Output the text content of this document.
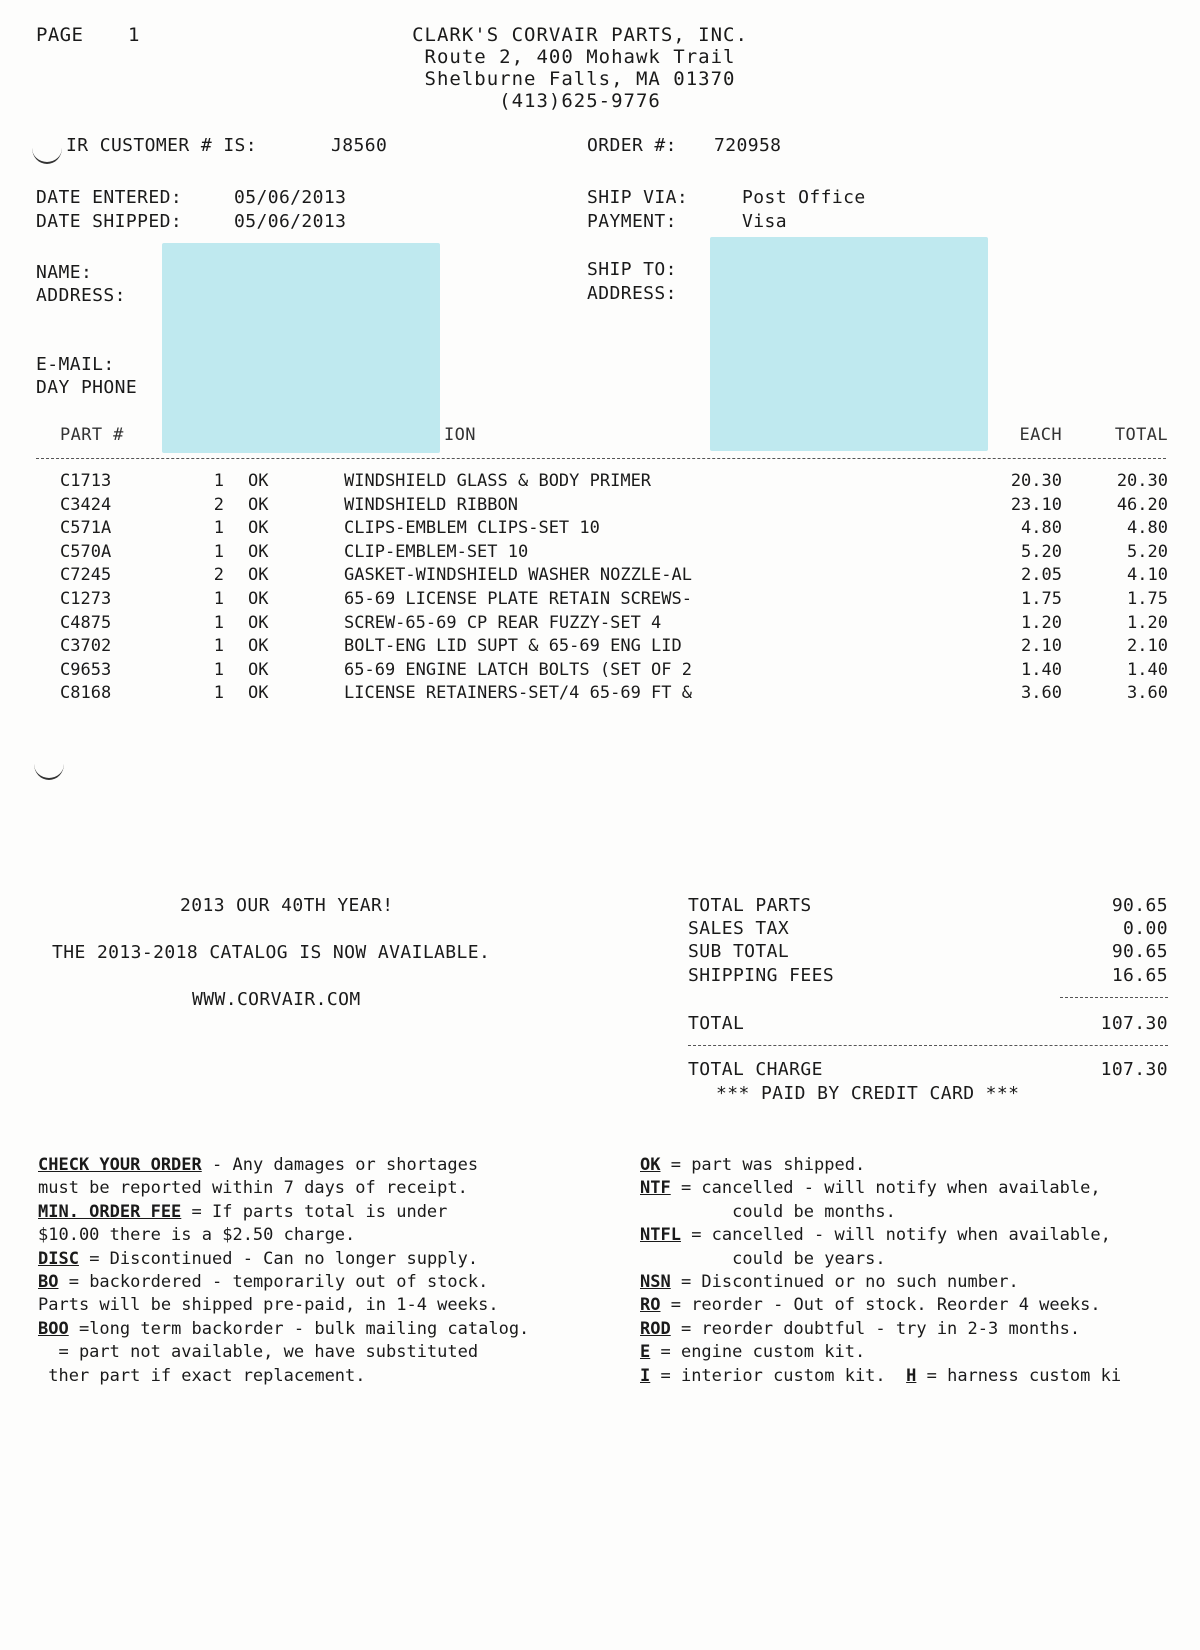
PAGE 1	CLARK'S CORVAIR PARTS, INC.
Route 2, 400 Mohawk Trail
Shelburne Falls, MA 01370
(413)625-9776
IR CUSTOMER # IS:	J8560	ORDER #: 720958
DATE ENTERED:	05/06/2013
DATE SHIPPED:	05/06/2013
SHIP VIA:	Post Office
PAYMENT:	Visa
NAME:
ADDRESS:
SHIP TO:
ADDRESS:
E-MAIL:
DAY PHONE
PART #	ION	EACH	TOTAL
C1713	1 OK	WINDSHIELD GLASS & BODY PRIMER	20.30	20.30
C3424	2 OK	WINDSHIELD RIBBON	23.10	46.20
C571A	1 OK	CLIPS-EMBLEM CLIPS-SET 10	4.80	4.80
C570A	1 OK	CLIP-EMBLEM-SET 10	5.20	5.20
C7245	2 OK	GASKET-WINDSHIELD WASHER NOZZLE-AL	2.05	4.10
C1273	1 OK	65-69 LICENSE PLATE RETAIN SCREWS-	1.75	1.75
C4875	1 OK	SCREW-65-69 CP REAR FUZZY-SET 4	1.20	1.20
C3702	1 OK	BOLT-ENG LID SUPT & 65-69 ENG LID	2.10	2.10
C9653	1 OK	65-69 ENGINE LATCH BOLTS (SET OF 2	1.40	1.40
C8168	1 OK	LICENSE RETAINERS-SET/4 65-69 FT &	3.60	3.60
2013 OUR 40TH YEAR!
THE 2013-2018 CATALOG IS NOW AVAILABLE.
WWW.CORVAIR.COM
TOTAL PARTS	90.65
SALES TAX	0.00
SUB TOTAL	90.65
SHIPPING FEES	16.65
TOTAL	107.30
TOTAL CHARGE	107.30
*** PAID BY CREDIT CARD ***
CHECK YOUR ORDER - Any damages or shortages
must be reported within 7 days of receipt.
MIN. ORDER FEE = If parts total is under
$10.00 there is a $2.50 charge.
DISC = Discontinued - Can no longer supply.
BO = backordered - temporarily out of stock.
Parts will be shipped pre-paid, in 1-4 weeks.
BOO =long term backorder - bulk mailing catalog.
= part not available, we have substituted
ther part if exact replacement.
OK = part was shipped.
NTF = cancelled - will notify when available,
could be months.
NTFL = cancelled - will notify when available,
could be years.
NSN = Discontinued or no such number.
RO = reorder - Out of stock. Reorder 4 weeks.
ROD = reorder doubtful - try in 2-3 months.
E = engine custom kit.
I = interior custom kit.  H = harness custom ki
